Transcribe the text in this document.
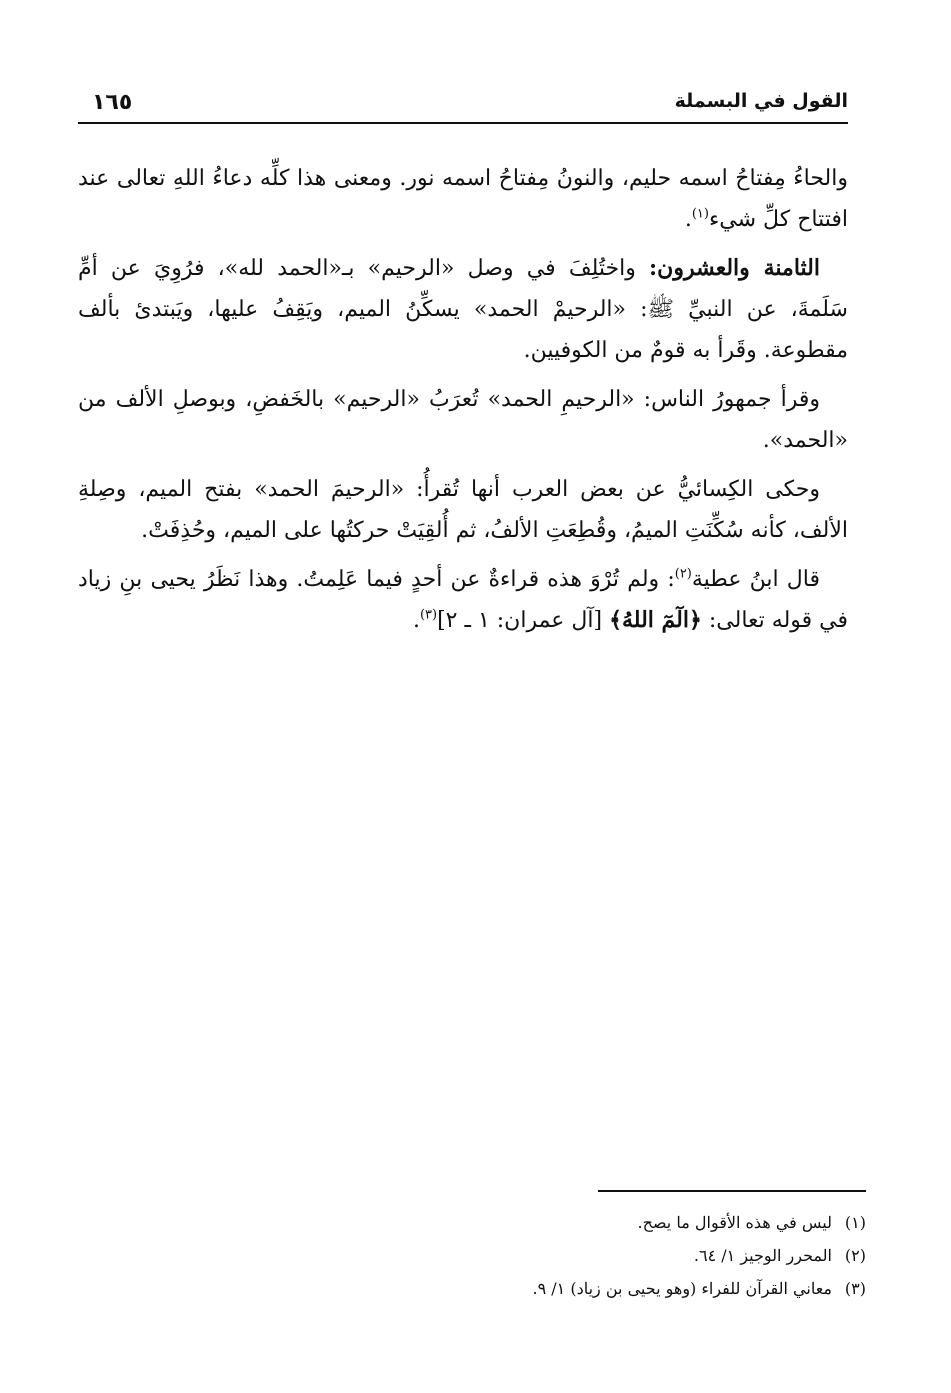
القول في البسملة
١٦٥

والحاءُ مِفتاحُ اسمه حليم، والنونُ مِفتاحُ اسمه نور. ومعنى هذا كلِّه دعاءُ اللهِ تعالى عند افتتاح كلِّ شيء$^{(١)}$.

الثامنة والعشرون: واختُلِفَ في وصل «الرحيم» بـ«الحمد لله»، فرُوِيَ عن أمِّ سَلَمةَ، عن النبيِّ ﷺ: «الرحيمْ الحمد» يسكِّنُ الميم، ويَقِفُ عليها، ويَبتدئ بألف مقطوعة. وقَرأ به قومٌ من الكوفيين.

وقرأ جمهورُ الناس: «الرحيمِ الحمد» تُعرَبُ «الرحيم» بالخَفضِ، وبوصلِ الألف من «الحمد».

وحكى الكِسائيُّ عن بعض العرب أنها تُقرأُ: «الرحيمَ الحمد» بفتح الميم، وصِلةِ الألف، كأنه سُكِّنَتِ الميمُ، وقُطِعَتِ الألفُ، ثم أُلقِيَتْ حركتُها على الميم، وحُذِفَتْ.

قال ابنُ عطية$^{(٢)}$: ولم تُرْوَ هذه قراءةٌ عن أحدٍ فيما عَلِمتُ. وهذا نَظَرُ يحيى بنِ زياد في قوله تعالى: ﴿الٓمٓ اللهُ﴾ [آل عمران: ١ ـ ٢]$^{(٣)}$.

(١)ليس في هذه الأقوال ما يصح.
(٢)المحرر الوجيز ١/ ٦٤.
(٣)معاني القرآن للفراء (وهو يحيى بن زياد) ١/ ٩.
